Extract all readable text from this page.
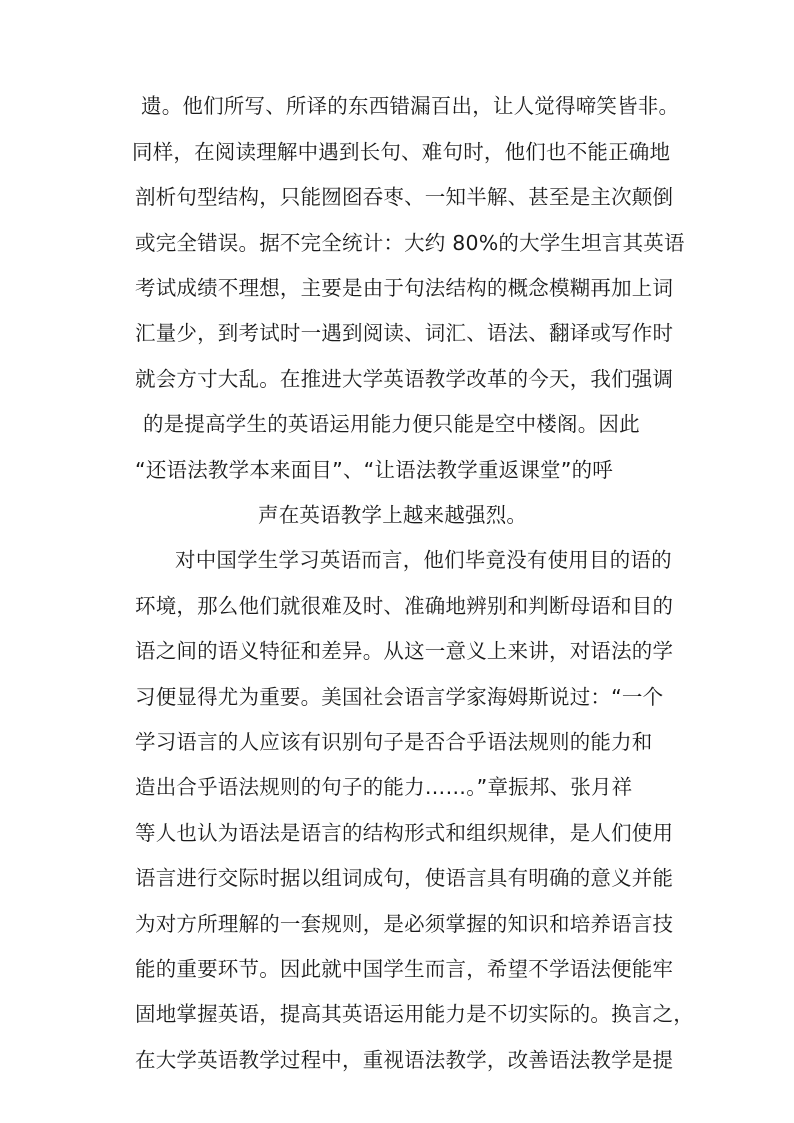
遗。他们所写、所译的东西错漏百出，让人觉得啼笑皆非。
同样，在阅读理解中遇到长句、难句时，他们也不能正确地
剖析句型结构，只能囫囵吞枣、一知半解、甚至是主次颠倒
或完全错误。据不完全统计：大约 80%的大学生坦言其英语
考试成绩不理想，主要是由于句法结构的概念模糊再加上词
汇量少，到考试时一遇到阅读、词汇、语法、翻译或写作时
就会方寸大乱。在推进大学英语教学改革的今天，我们强调
的是提高学生的英语运用能力便只能是空中楼阁。因此
“还语法教学本来面目”、“让语法教学重返课堂”的呼
声在英语教学上越来越强烈。
对中国学生学习英语而言，他们毕竟没有使用目的语的
环境，那么他们就很难及时、准确地辨别和判断母语和目的
语之间的语义特征和差异。从这一意义上来讲，对语法的学
习便显得尤为重要。美国社会语言学家海姆斯说过：“一个
学习语言的人应该有识别句子是否合乎语法规则的能力和
造出合乎语法规则的句子的能力……。”章振邦、张月祥
等人也认为语法是语言的结构形式和组织规律，是人们使用
语言进行交际时据以组词成句，使语言具有明确的意义并能
为对方所理解的一套规则，是必须掌握的知识和培养语言技
能的重要环节。因此就中国学生而言，希望不学语法便能牢
固地掌握英语，提高其英语运用能力是不切实际的。换言之，
在大学英语教学过程中，重视语法教学，改善语法教学是提
